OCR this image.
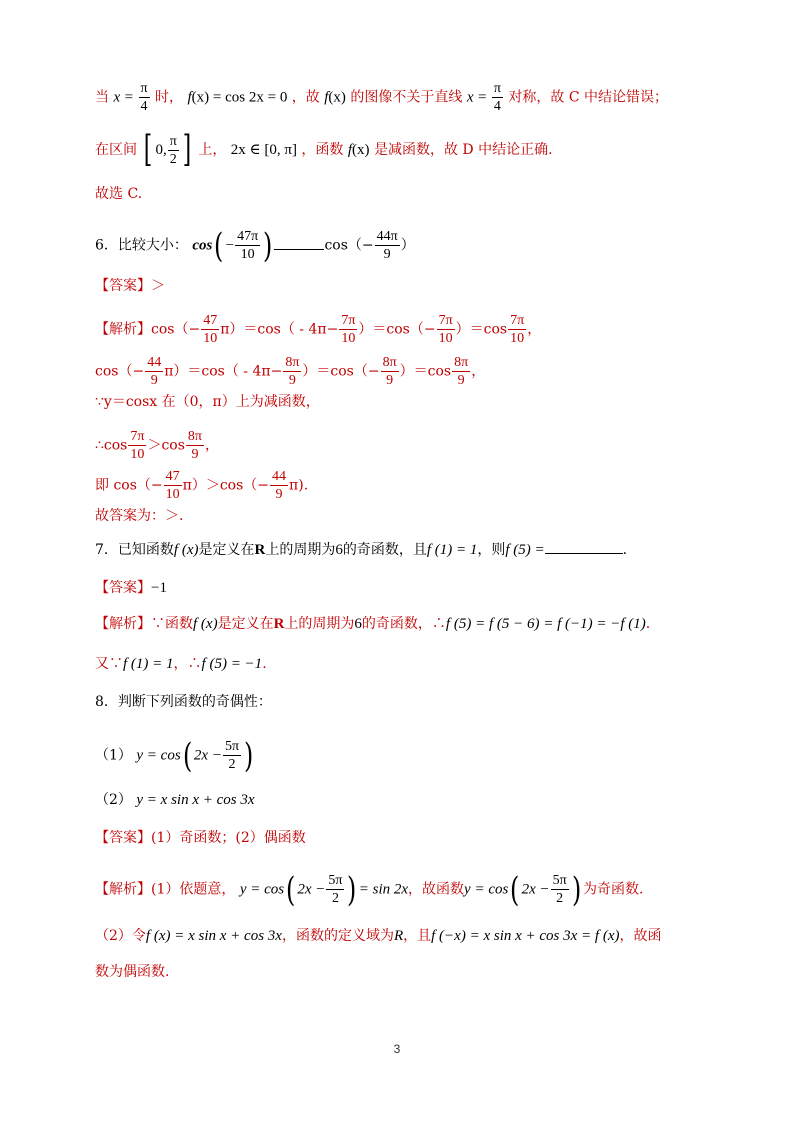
当 $x = \frac{\pi}{4}$ 时， f(x) = cos 2x = 0 ，故 f(x) 的图像不关于直线 $x = \frac{\pi}{4}$ 对称，故 C 中结论错误；
在区间 [ 0, $\frac{\pi}{2}$ ] 上， 2x ∈ [0, π] ，函数 f(x) 是减函数，故 D 中结论正确.
故选 C.
6．比较大小： $\cos( - \frac{47\pi}{10}$ )	$\cos(- \frac{44\pi}{9}$ ）
【答案】＞
【解析】$\cos(- \frac{47}{10} \pi)=\cos( - 4\pi- \frac{7\pi}{10} )=\cos(- \frac{7\pi}{10} )=\cos \frac{7\pi}{10}$ ，
$\cos(- \frac{44}{9} \pi)=\cos( - 4\pi- \frac{8\pi}{9} )=\cos(- \frac{8\pi}{9} )=\cos \frac{8\pi}{9}$ ，
∵y＝cosx 在（0，π）上为减函数，
∴cos $\frac{7\pi}{10} >\cos \frac{8\pi}{9}$ ，
即 $\cos(- \frac{47}{10} \pi)>\cos(- \frac{44}{9} \pi)$.
故答案为：＞.
7．已知函数f (x)是定义在R上的周期为6的奇函数，且f (1) = 1，则f (5) =	.
【答案】−1
【解析】∵函数f (x)是定义在R上的周期为6的奇函数，∴f (5) = f (5 − 6) = f (−1) = −f (1).
又∵f (1) = 1，∴f (5) = −1.
8．判断下列函数的奇偶性：
（1） y = cos( $2x - \frac{5\pi}{2}$ )
（2） y = x sin x + cos 3x
【答案】(1）奇函数；(2）偶函数
【解析】(1）依题意， y = cos( $2x - \frac{5\pi}{2}$ ) = sin 2x，故函数y = cos( $2x - \frac{5\pi}{2}$ ) 为奇函数.
（2）令f (x) = x sin x + cos 3x，函数的定义域为R，且f (−x) = x sin x + cos 3x = f (x)，故函
数为偶函数.
3
